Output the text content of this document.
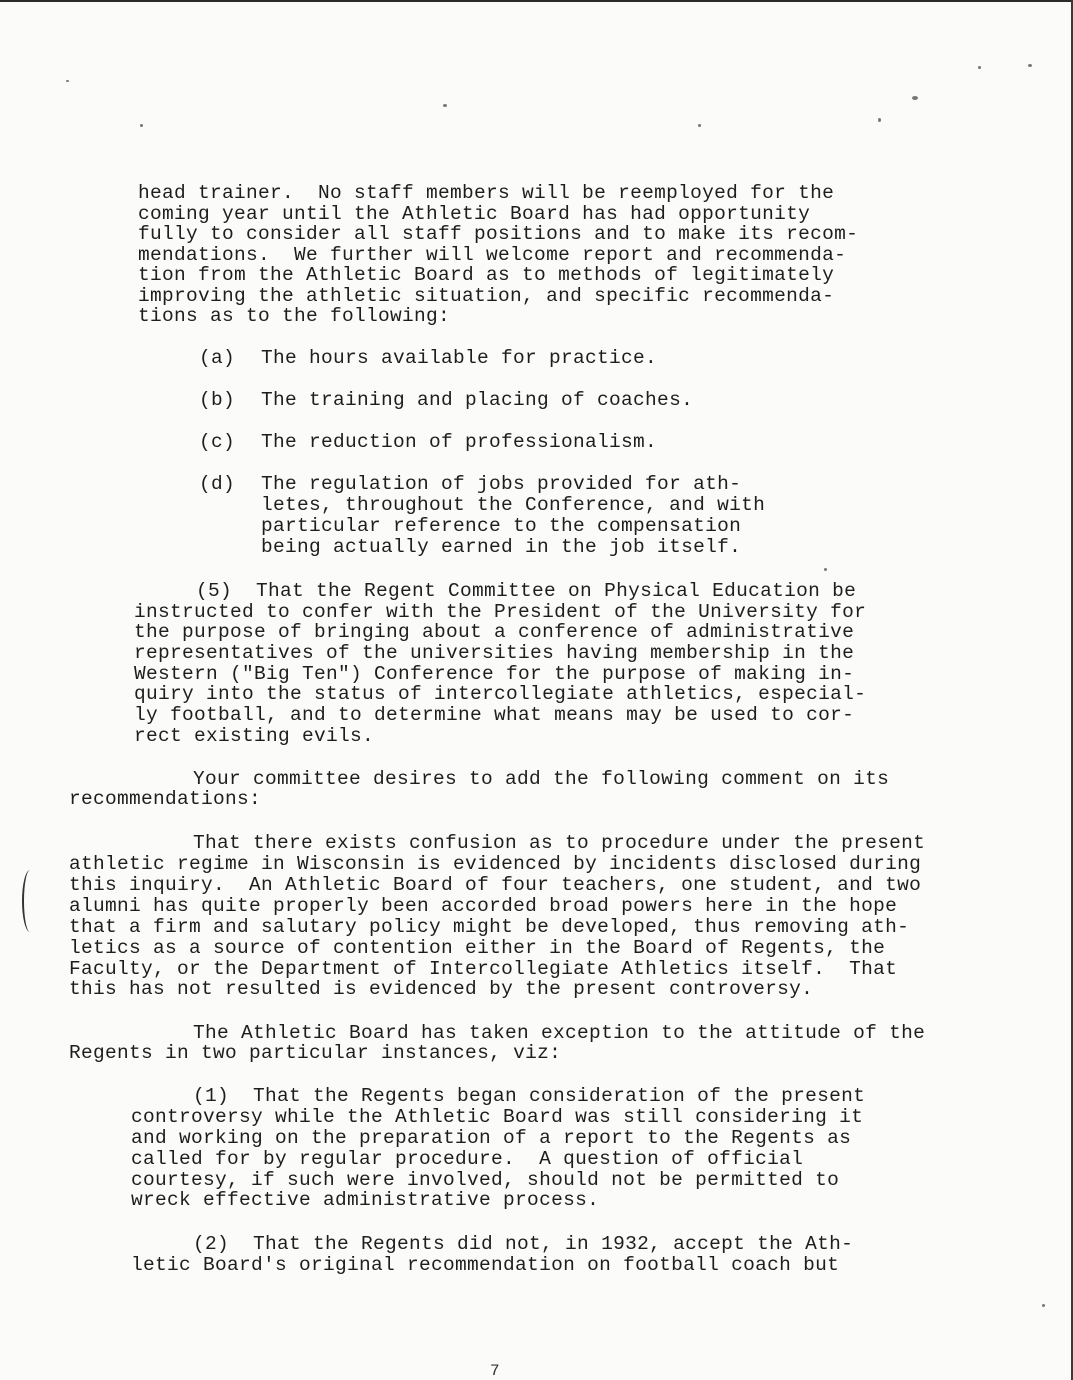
head trainer.  No staff members will be reemployed for the
coming year until the Athletic Board has had opportunity
fully to consider all staff positions and to make its recom-
mendations.  We further will welcome report and recommenda-
tion from the Athletic Board as to methods of legitimately
improving the athletic situation, and specific recommenda-
tions as to the following:
(a) The hours available for practice.
(b) The training and placing of coaches.
(c) The reduction of professionalism.
(d) The regulation of jobs provided for ath-
letes, throughout the Conference, and with
particular reference to the compensation
being actually earned in the job itself.
(5)  That the Regent Committee on Physical Education be
instructed to confer with the President of the University for
the purpose of bringing about a conference of administrative
representatives of the universities having membership in the
Western ("Big Ten") Conference for the purpose of making in-
quiry into the status of intercollegiate athletics, especial-
ly football, and to determine what means may be used to cor-
rect existing evils.
Your committee desires to add the following comment on its
recommendations:
That there exists confusion as to procedure under the present
athletic regime in Wisconsin is evidenced by incidents disclosed during
this inquiry.  An Athletic Board of four teachers, one student, and two
alumni has quite properly been accorded broad powers here in the hope
that a firm and salutary policy might be developed, thus removing ath-
letics as a source of contention either in the Board of Regents, the
Faculty, or the Department of Intercollegiate Athletics itself.  That
this has not resulted is evidenced by the present controversy.
The Athletic Board has taken exception to the attitude of the
Regents in two particular instances, viz:
(1)  That the Regents began consideration of the present
controversy while the Athletic Board was still considering it
and working on the preparation of a report to the Regents as
called for by regular procedure.  A question of official
courtesy, if such were involved, should not be permitted to
wreck effective administrative process.
(2)  That the Regents did not, in 1932, accept the Ath-
letic Board's original recommendation on football coach but
7
